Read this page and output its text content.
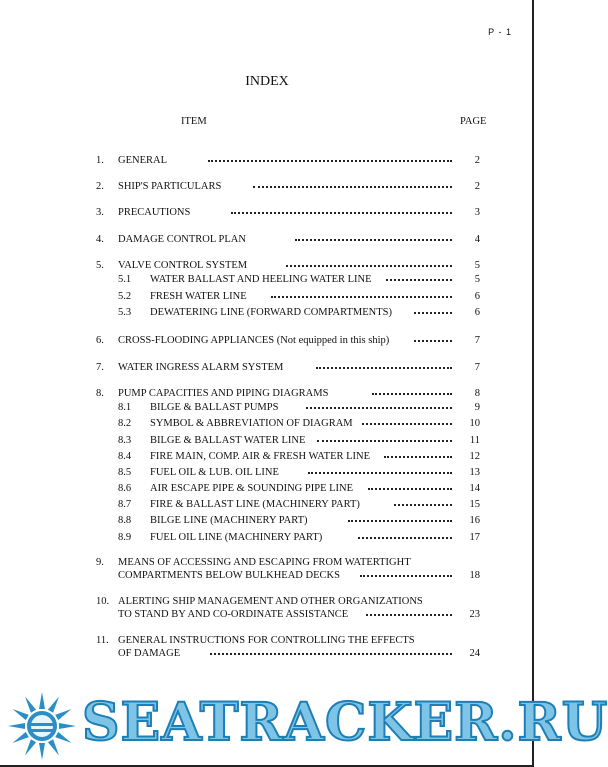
P - 1
INDEX
ITEM	PAGE
1. GENERAL	2
2. SHIP'S PARTICULARS	2
3. PRECAUTIONS	3
4. DAMAGE CONTROL PLAN	4
5. VALVE CONTROL SYSTEM	5
5.1 WATER BALLAST AND HEELING WATER LINE	5
5.2 FRESH WATER LINE	6
5.3 DEWATERING LINE (FORWARD COMPARTMENTS)	6
6. CROSS-FLOODING APPLIANCES (Not equipped in this ship)	7
7. WATER INGRESS ALARM SYSTEM	7
8. PUMP CAPACITIES AND PIPING DIAGRAMS	8
8.1 BILGE & BALLAST PUMPS	9
8.2 SYMBOL & ABBREVIATION OF DIAGRAM	10
8.3 BILGE & BALLAST WATER LINE	11
8.4 FIRE MAIN, COMP. AIR & FRESH WATER LINE	12
8.5 FUEL OIL & LUB. OIL LINE	13
8.6 AIR ESCAPE PIPE & SOUNDING PIPE LINE	14
8.7 FIRE & BALLAST LINE (MACHINERY PART)	15
8.8 BILGE LINE (MACHINERY PART)	16
8.9 FUEL OIL LINE (MACHINERY PART)	17
9. MEANS OF ACCESSING AND ESCAPING FROM WATERTIGHT
COMPARTMENTS BELOW BULKHEAD DECKS	18
10. ALERTING SHIP MANAGEMENT AND OTHER ORGANIZATIONS
TO STAND BY AND CO-ORDINATE ASSISTANCE	23
11. GENERAL INSTRUCTIONS FOR CONTROLLING THE EFFECTS
OF DAMAGE	24
SEATRACKER.RU
